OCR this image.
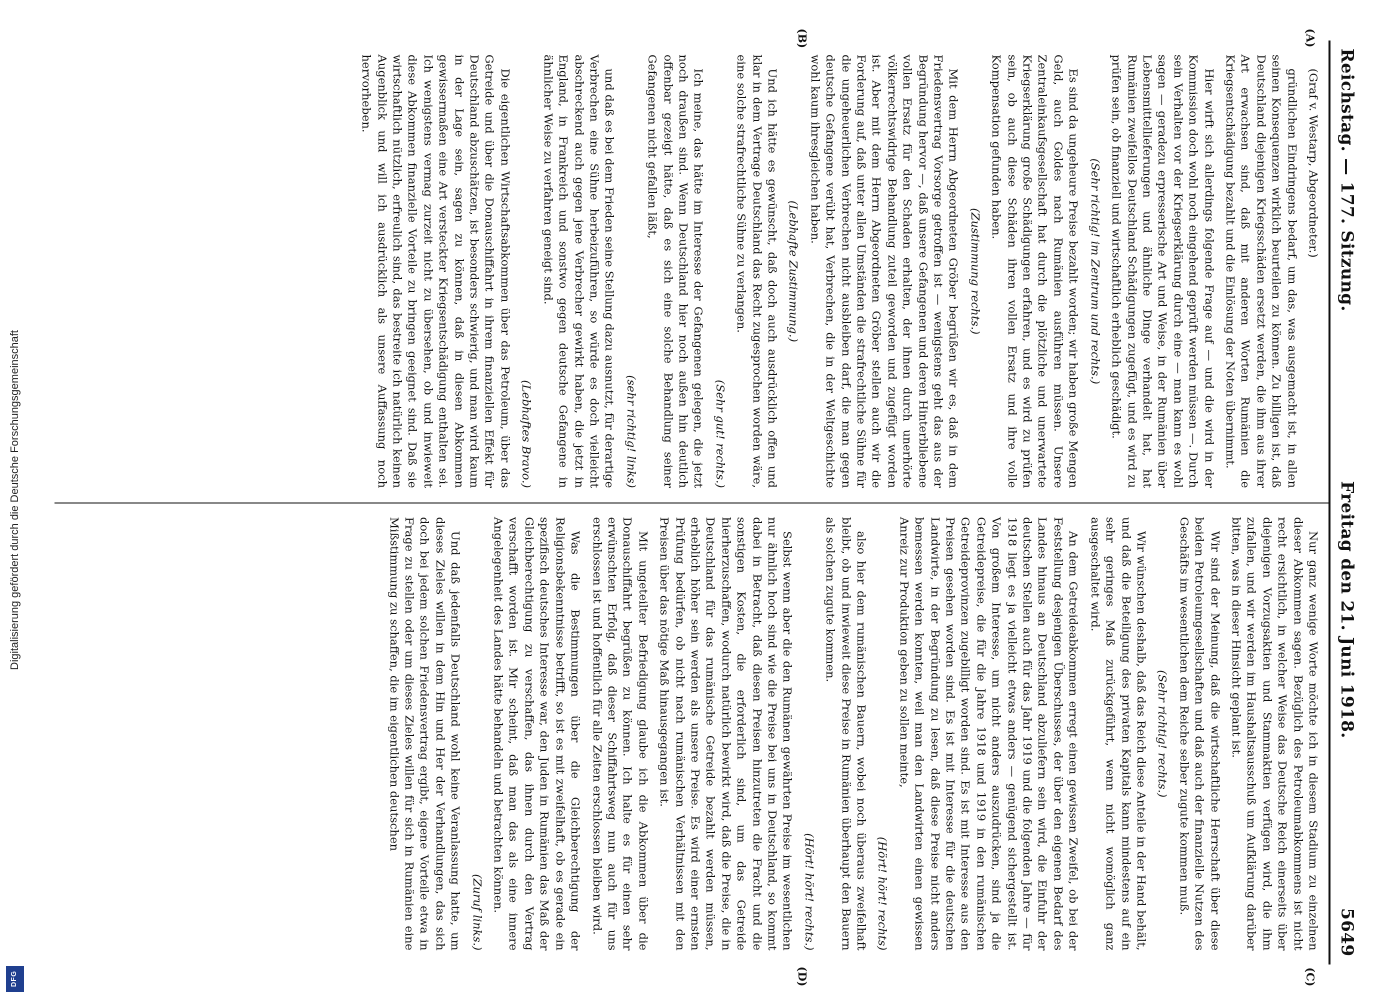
Digitalisierung gefördert durch die Deutsche Forschungsgemeinschaft
DFG
Reichstag. — 177. Sitzung.
Freitag den 21. Juni 1918.
5649
(A)
(B)

(Graf v. Westarp, Abgeordneter.)

gründlichen Eindringens bedarf, um das, was ausgemacht ist, in allen seinen Konsequenzen wirklich beurteilen zu können. Zu billigen ist, daß Deutschland diejenigen Kriegsschäden ersetzt werden, die ihm aus ihrer Art erwachsen sind, daß mit anderen Worten Rumänien die Kriegsentschädigung bezahlt und die Einlösung der Noten übernimmt.

Hier wirft sich allerdings folgende Frage auf — und die wird in der Kommission doch wohl noch eingehend geprüft werden müssen —. Durch sein Verhalten vor der Kriegserklärung durch eine — man kann es wohl sagen — geradezu erpresserische Art und Weise, in der Rumänien über Lebensmittellieferungen und ähnliche Dinge verhandelt hat, hat Rumänien zweifellos Deutschland Schädigungen zugefügt, und es wird zu prüfen sein, ob finanziell und wirtschaftlich erheblich geschädigt.

(Sehr richtig! im Zentrum und rechts.)

Es sind da ungeheure Preise bezahlt worden; wir haben große Mengen Geld, auch Goldes nach Rumänien ausführen müssen. Unsere Zentraleinkaufsgesellschaft hat durch die plötzliche und unerwartete Kriegserklärung große Schädigungen erfahren, und es wird zu prüfen sein, ob auch diese Schäden ihren vollen Ersatz und ihre volle Kompensation gefunden haben.

(Zustimmung rechts.)

Mit dem Herrn Abgeordneten Gröber begrüßen wir es, daß in dem Friedensvertrag Vorsorge getroffen ist — wenigstens geht das aus der Begründung hervor —, daß unsere Gefangenen und deren Hinterbliebene vollen Ersatz für den Schaden erhalten, der ihnen durch unerhörte völkerrechtswidrige Behandlung zuteil geworden und zugefügt worden ist. Aber mit dem Herrn Abgeordneten Gröber stellen auch wir die Forderung auf, daß unter allen Umständen die strafrechtliche Sühne für die ungeheuerlichen Verbrechen nicht ausbleiben darf, die man gegen deutsche Gefangene verübt hat, Verbrechen, die in der Weltgeschichte wohl kaum ihresgleichen haben.

(Lebhafte Zustimmung.)

Und ich hätte es gewünscht, daß doch auch ausdrücklich offen und klar in dem Vertrage Deutschland das Recht zugesprochen worden wäre, eine solche strafrechtliche Sühne zu verlangen.

(Sehr gut! rechts.)

Ich meine, das hätte im Interesse der Gefangenen gelegen, die jetzt noch draußen sind. Wenn Deutschland hier noch außen hin deutlich offenbar gezeigt hätte, daß es sich eine solche Behandlung seiner Gefangenen nicht gefallen läßt,

(sehr richtig! links)

und daß es bei dem Frieden seine Stellung dazu ausnutzt, für derartige Verbrechen eine Sühne herbeizuführen, so würde es doch vielleicht abschreckend auch gegen jene Verbrecher gewirkt haben, die jetzt in England, in Frankreich und sonstwo gegen deutsche Gefangene in ähnlicher Weise zu verfahren geneigt sind.

(Lebhaftes Bravo.)

Die eigentlichen Wirtschaftsabkommen über das Petroleum, über das Getreide und über die Donauschiffahrt in ihrem finanziellen Effekt für Deutschland abzuschätzen, ist besonders schwierig, und man wird kaum in der Lage sein, sagen zu können, daß in diesen Abkommen gewissermaßen eine Art versteckter Kriegsentschädigung enthalten sei. Ich wenigstens vermag zurzeit nicht zu übersehen, ob und inwieweit diese Abkommen finanzielle Vorteile zu bringen geeignet sind. Daß sie wirtschaftlich nützlich, erfreulich sind, das bestreite ich natürlich keinen Augenblick und will ich ausdrücklich als unsere Auffassung noch hervorheben.

(C)
(D)

Nur ganz wenige Worte möchte ich in diesem Stadium zu einzelnen dieser Abkommen sagen. Bezüglich des Petroleumabkommens ist nicht recht ersichtlich, in welcher Weise das Deutsche Reich einerseits über diejenigen Vorzugsaktien und Stammaktien verfügen wird, die ihm zufallen, und wir werden im Haushaltsausschuß um Aufklärung darüber bitten, was in dieser Hinsicht geplant ist.

Wir sind der Meinung, daß die wirtschaftliche Herrschaft über diese beiden Petroleumgesellschaften und daß auch der finanzielle Nutzen des Geschäfts im wesentlichen dem Reiche selber zugute kommen muß.

(Sehr richtig! rechts.)

Wir wünschen deshalb, daß das Reich diese Anteile in der Hand behält, und daß die Beteiligung des privaten Kapitals kann mindestens auf ein sehr geringes Maß zurückgeführt, wenn nicht womöglich ganz ausgeschaltet wird.

An dem Getreideabkommen erregt einen gewissen Zweifel, ob bei der Feststellung desjenigen Überschusses, der über den eigenen Bedarf des Landes hinaus an Deutschland abzuliefern sein wird, die Einfuhr der deutschen Stellen auch für das Jahr 1919 und die folgenden Jahre — für 1918 liegt es ja vielleicht etwas anders — genügend sichergestellt ist. Von großem Interesse, um nicht anders auszudrücken, sind ja die Getreidepreise, die für die Jahre 1918 und 1919 in den rumänischen Getreideprovinzen zugebilligt worden sind. Es ist mit Interesse aus den Preisen gesehen worden sind. Es ist mit Interesse für die deutschen Landwirte, in der Begründung zu lesen, daß diese Preise nicht anders bemessen werden konnten, weil man den Landwirten einen gewissen Anreiz zur Produktion geben zu sollen meinte,

(Hört! hört! rechts)

also hier dem rumänischen Bauern, wobei noch überaus zweifelhaft bleibt, ob und inwieweit diese Preise in Rumänien überhaupt den Bauern als solchen zugute kommen.

(Hört! hört! rechts.)

Selbst wenn aber die den Rumänen gewährten Preise im wesentlichen nur ähnlich hoch sind wie die Preise bei uns in Deutschland, so kommt dabei in Betracht, daß diesen Preisen hinzutreten die Fracht und die sonstigen Kosten, die erforderlich sind, um das Getreide hierherzuschaffen, wodurch natürlich bewirkt wird, daß die Preise, die in Deutschland für das rumänische Getreide bezahlt werden müssen, erheblich höher sein werden als unsere Preise. Es wird einer ernsten Prüfung bedürfen, ob nicht nach rumänischen Verhältnissen mit den Preisen über das nötige Maß hinausgegangen ist.

Mit ungeteilter Befriedigung glaube ich die Abkommen über die Donauschiffahrt begrüßen zu können. Ich halte es für einen sehr erwünschten Erfolg, daß dieser Schiffahrtsweg nun auch für uns erschlossen ist und hoffentlich für alle Zeiten erschlossen bleiben wird.

Was die Bestimmungen über die Gleichberechtigung der Religionsbekenntnisse betrifft, so ist es mit zweifelhaft, ob es gerade ein spezifisch deutsches Interesse war, den Juden in Rumänien das Maß der Gleichberechtigung zu verschaffen, das ihnen durch den Vertrag verschafft worden ist. Mir scheint, daß man das als eine innere Angelegenheit des Landes hätte behandeln und betrachten können.

(Zuruf links.)

Und daß jedenfalls Deutschland wohl keine Veranlassung hatte, um dieses Zieles willen in dem Hin und Her der Verhandlungen, das sich doch bei jedem solchen Friedensvertrag ergibt, eigene Vorteile etwa in Frage zu stellen oder um dieses Zieles willen für sich in Rumänien eine Mißstimmung zu schaffen, die im eigentlichen deutschen
